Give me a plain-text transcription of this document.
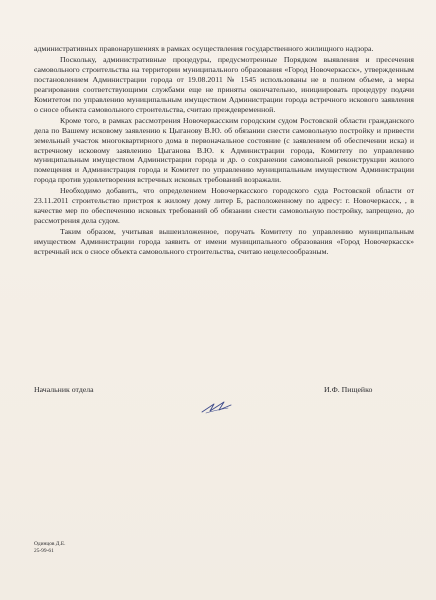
административных правонарушениях в рамках осуществления государственного жилищного надзора.

Поскольку, административные процедуры, предусмотренные Порядком выявления и пресечения самовольного строительства на территории муниципального образования «Город Новочеркасск», утвержденным постановлением Администрации города от 19.08.2011 № 1545 использованы не в полном объеме, а меры реагирования соответствующими службами еще не приняты окончательно, инициировать процедуру подачи Комитетом по управлению муниципальным имуществом Администрации города встречного искового заявления о сносе объекта самовольного строительства, считаю преждевременной.

Кроме того, в рамках рассмотрения Новочеркасским городским судом Ростовской области гражданского дела по Вашему исковому заявлению к Цыганову В.Ю. об обязании снести самовольную постройку и привести земельный участок многоквартирного дома в первоначальное состояние (с заявлением об обеспечении иска) и встречному исковому заявлению Цыганова В.Ю. к Администрации города, Комитету по управлению муниципальным имуществом Администрации города и др. о сохранении самовольной реконструкции жилого помещения и Администрация города и Комитет по управлению муниципальным имуществом Администрации города против удовлетворения встречных исковых требований возражали.

Необходимо добавить, что определением Новочеркасского городского суда Ростовской области от 23.11.2011 строительство пристроя к жилому дому литер Б, расположенному по адресу: г. Новочеркасск, , в качестве мер по обеспечению исковых требований об обязании снести самовольную постройку, запрещено, до рассмотрения дела судом.

Таким образом, учитывая вышеизложенное, поручать Комитету по управлению муниципальным имуществом Администрации города заявить от имени муниципального образования «Город Новочеркасск» встречный иск о сносе объекта самовольного строительства, считаю нецелесообразным.

Начальник отдела	И.Ф. Пищейко
Одинцов Д.Е.
25-99-61
